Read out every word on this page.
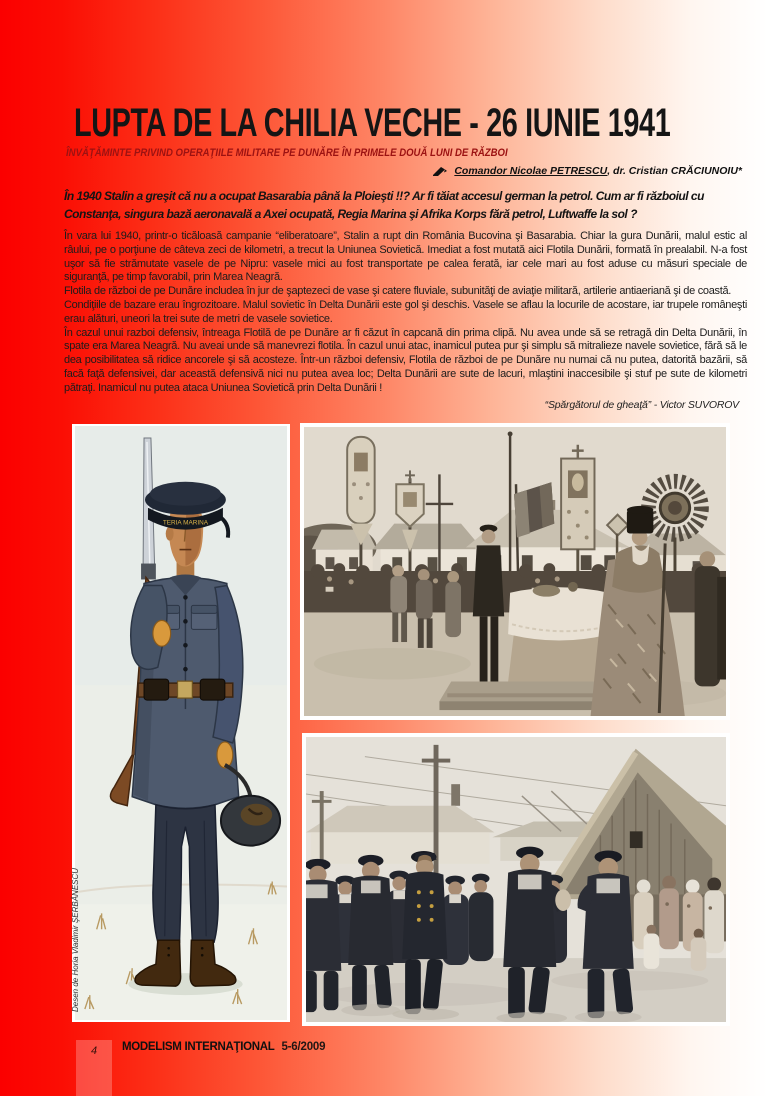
LUPTA DE LA CHILIA VECHE - 26 IUNIE 1941

ÎNVĂŢĂMINTE PRIVIND OPERAŢIILE MILITARE PE DUNĂRE ÎN PRIMELE DOUĂ LUNI DE RĂZBOI

Comandor Nicolae PETRESCU, dr. Cristian CRĂCIUNOIU*

În 1940 Stalin a greşit că nu a ocupat Basarabia până la Ploieşti !!? Ar fi tăiat accesul german la petrol. Cum ar fi războiul cu Constanţa, singura bază aeronavală a Axei ocupată, Regia Marina şi Afrika Korps fără petrol, Luftwaffe la sol ?

În vara lui 1940, printr-o ticăloasă campanie “eliberatoare”, Stalin a rupt din România Bucovina şi Basarabia. Chiar la gura Dunării, malul estic al râului, pe o porţiune de câteva zeci de kilometri, a trecut la Uniunea Sovietică. Imediat a fost mutată aici Flotila Dunării, formată în prealabil. N-a fost uşor să fie strămutate vasele de pe Nipru: vasele mici au fost transportate pe calea ferată, iar cele mari au fost aduse cu măsuri speciale de siguranţă, pe timp favorabil, prin Marea Neagră.

Flotila de război de pe Dunăre includea în jur de şaptezeci de vase şi catere fluviale, subunităţi de aviaţie militară, artilerie antiaeriană şi de coastă.

Condiţiile de bazare erau îngrozitoare. Malul sovietic în Delta Dunării este gol şi deschis. Vasele se aflau la locurile de acostare, iar trupele româneşti erau alături, uneori la trei sute de metri de vasele sovietice.

În cazul unui razboi defensiv, întreaga Flotilă de pe Dunăre ar fi căzut în capcană din prima clipă. Nu avea unde să se retragă din Delta Dunării, în spate era Marea Neagră. Nu aveai unde să manevrezi flotila. În cazul unui atac, inamicul putea pur şi simplu să mitralieze navele sovietice, fără să le dea posibilitatea să ridice ancorele şi să acosteze. Într-un război defensiv, Flotila de război de pe Dunăre nu numai că nu putea, datorită bazării, să facă faţă defensivei, dar această defensivă nici nu putea avea loc; Delta Dunării are sute de lacuri, mlaştini inaccesibile şi stuf pe sute de kilometri pătraţi. Inamicul nu putea ataca Uniunea Sovietică prin Delta Dunării !

“Spărgătorul de gheaţă” - Victor SUVOROV

TERIA MARINA
Desen de Horia Vladimir ŞERBĂNESCU
4	MODELISM INTERNAŢIONAL 5-6/2009
